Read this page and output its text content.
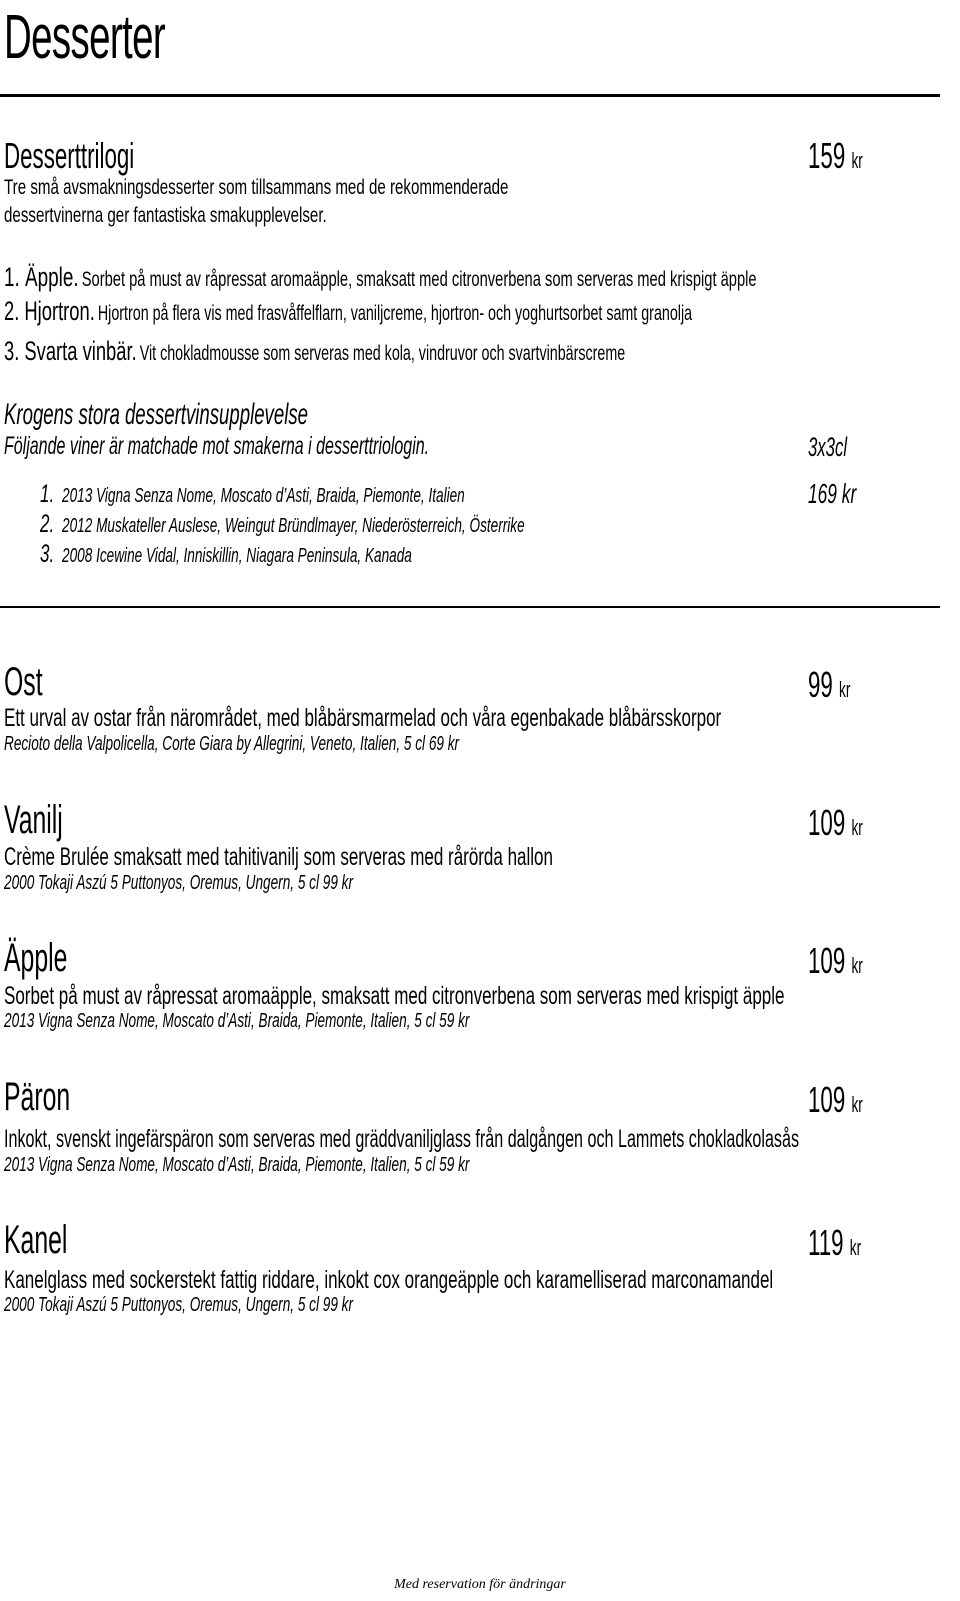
Desserter
Desserttrilogi	159 kr
Tre små avsmakningsdesserter som tillsammans med de rekommenderade
dessertvinerna ger fantastiska smakupplevelser.
1. Äpple. Sorbet på must av råpressat aromaäpple, smaksatt med citronverbena som serveras med krispigt äpple
2. Hjortron. Hjortron på flera vis med frasvåffelflarn, vaniljcreme, hjortron- och yoghurtsorbet samt granolja
3. Svarta vinbär. Vit chokladmousse som serveras med kola, vindruvor och svartvinbärscreme
Krogens stora dessertvinsupplevelse
Följande viner är matchade mot smakerna i desserttriologin.	3x3cl
1. 2013 Vigna Senza Nome, Moscato d’Asti, Braida, Piemonte, Italien	169 kr
2. 2012 Muskateller Auslese, Weingut Bründlmayer, Niederösterreich, Österrike
3. 2008 Icewine Vidal, Inniskillin, Niagara Peninsula, Kanada
Ost	99 kr
Ett urval av ostar från närområdet, med blåbärsmarmelad och våra egenbakade blåbärsskorpor
Recioto della Valpolicella, Corte Giara by Allegrini, Veneto, Italien, 5 cl 69 kr
Vanilj	109 kr
Crème Brulée smaksatt med tahitivanilj som serveras med rårörda hallon
2000 Tokaji Aszú 5 Puttonyos, Oremus, Ungern, 5 cl 99 kr
Äpple	109 kr
Sorbet på must av råpressat aromaäpple, smaksatt med citronverbena som serveras med krispigt äpple
2013 Vigna Senza Nome, Moscato d’Asti, Braida, Piemonte, Italien, 5 cl 59 kr
Päron	109 kr
Inkokt, svenskt ingefärspäron som serveras med gräddvaniljglass från dalgången och Lammets chokladkolasås
2013 Vigna Senza Nome, Moscato d’Asti, Braida, Piemonte, Italien, 5 cl 59 kr
Kanel	119 kr
Kanelglass med sockerstekt fattig riddare, inkokt cox orangeäpple och karamelliserad marconamandel
2000 Tokaji Aszú 5 Puttonyos, Oremus, Ungern, 5 cl 99 kr
Med reservation för ändringar
